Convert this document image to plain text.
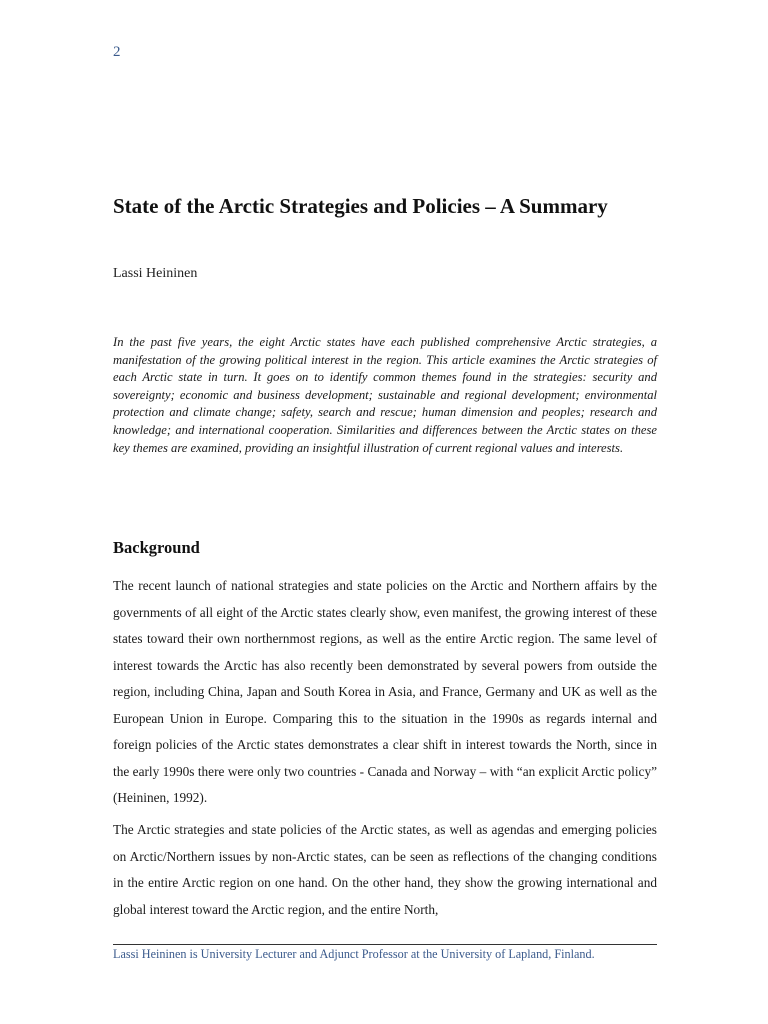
2
State of the Arctic Strategies and Policies – A Summary
Lassi Heininen

In the past five years, the eight Arctic states have each published comprehensive Arctic strategies, a manifestation of the growing political interest in the region. This article examines the Arctic strategies of each Arctic state in turn. It goes on to identify common themes found in the strategies: security and sovereignty; economic and business development; sustainable and regional development; environmental protection and climate change; safety, search and rescue; human dimension and peoples; research and knowledge; and international cooperation. Similarities and differences between the Arctic states on these key themes are examined, providing an insightful illustration of current regional values and interests.

Background

The recent launch of national strategies and state policies on the Arctic and Northern affairs by the governments of all eight of the Arctic states clearly show, even manifest, the growing interest of these states toward their own northernmost regions, as well as the entire Arctic region. The same level of interest towards the Arctic has also recently been demonstrated by several powers from outside the region, including China, Japan and South Korea in Asia, and France, Germany and UK as well as the European Union in Europe. Comparing this to the situation in the 1990s as regards internal and foreign policies of the Arctic states demonstrates a clear shift in interest towards the North, since in the early 1990s there were only two countries - Canada and Norway – with “an explicit Arctic policy” (Heininen, 1992).

The Arctic strategies and state policies of the Arctic states, as well as agendas and emerging policies on Arctic/Northern issues by non-Arctic states, can be seen as reflections of the changing conditions in the entire Arctic region on one hand. On the other hand, they show the growing international and global interest toward the Arctic region, and the entire North,

Lassi Heininen is University Lecturer and Adjunct Professor at the University of Lapland, Finland.
